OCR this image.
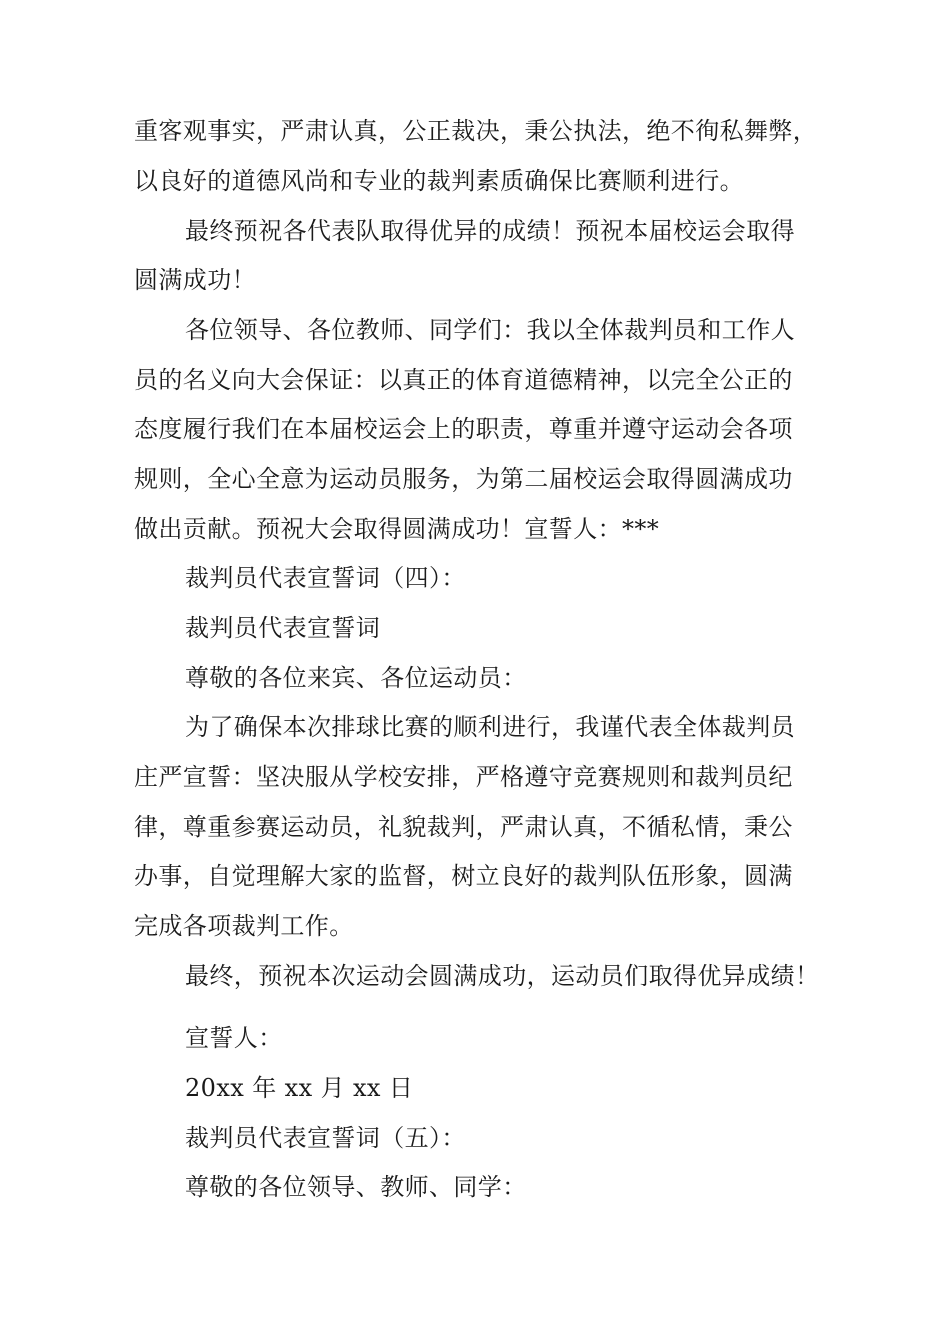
重客观事实，严肃认真，公正裁决，秉公执法，绝不徇私舞弊，
以良好的道德风尚和专业的裁判素质确保比赛顺利进行。
最终预祝各代表队取得优异的成绩！预祝本届校运会取得
圆满成功！
各位领导、各位教师、同学们：我以全体裁判员和工作人
员的名义向大会保证：以真正的体育道德精神，以完全公正的
态度履行我们在本届校运会上的职责，尊重并遵守运动会各项
规则，全心全意为运动员服务，为第二届校运会取得圆满成功
做出贡献。预祝大会取得圆满成功！宣誓人：***
裁判员代表宣誓词（四）：
裁判员代表宣誓词
尊敬的各位来宾、各位运动员：
为了确保本次排球比赛的顺利进行，我谨代表全体裁判员
庄严宣誓：坚决服从学校安排，严格遵守竞赛规则和裁判员纪
律，尊重参赛运动员，礼貌裁判，严肃认真，不循私情，秉公
办事，自觉理解大家的监督，树立良好的裁判队伍形象，圆满
完成各项裁判工作。
最终，预祝本次运动会圆满成功，运动员们取得优异成绩！
宣誓人：
20xx 年 xx 月 xx 日
裁判员代表宣誓词（五）：
尊敬的各位领导、教师、同学：
